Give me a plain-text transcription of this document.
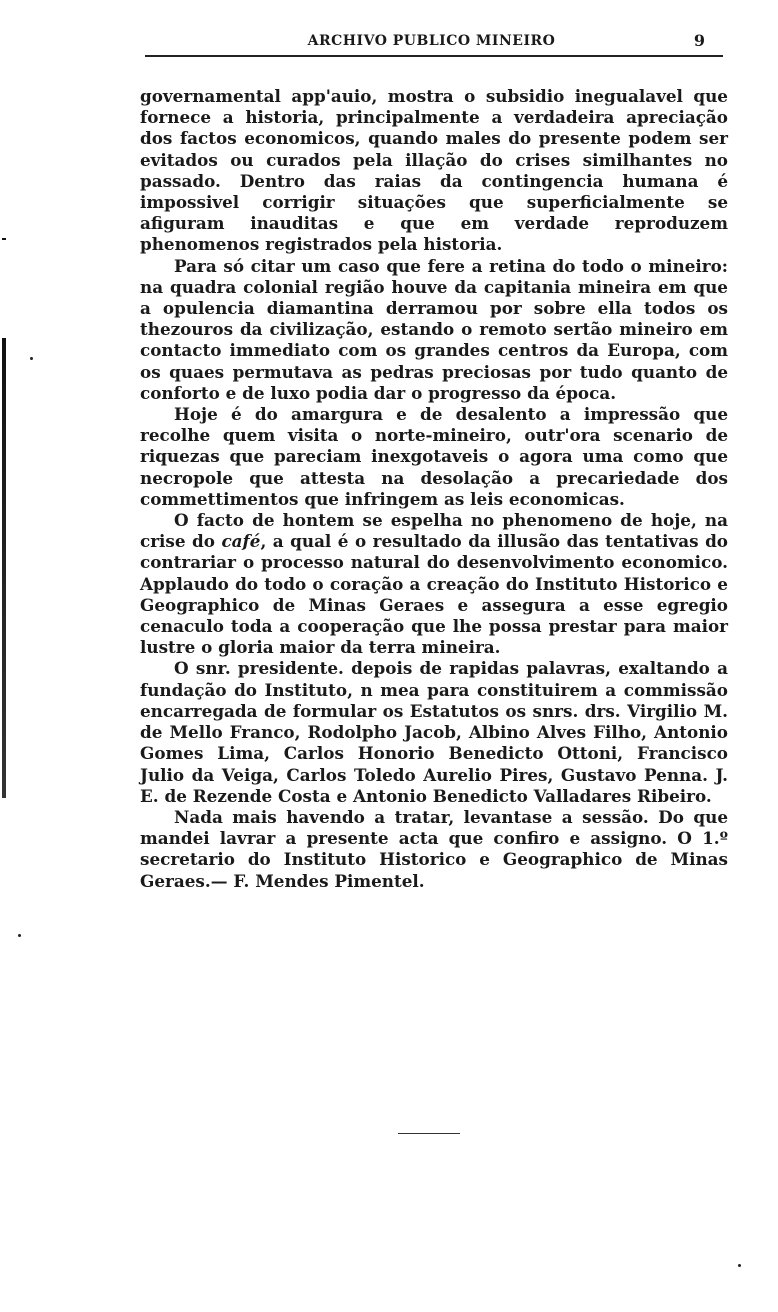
ARCHIVO PUBLICO MINEIRO	9

governamental app'auio, mostra o subsidio inegualavel que fornece a historia, principalmente a verdadeira apreciação dos factos economicos, quando males do presente podem ser evitados ou curados pela illação do crises similhantes no passado. Dentro das raias da contingencia humana é impossivel corrigir situações que superficialmente se afiguram inauditas e que em verdade reproduzem phenomenos registrados pela historia.

Para só citar um caso que fere a retina do todo o mineiro: na quadra colonial região houve da capitania mineira em que a opulencia diamantina derramou por sobre ella todos os thezouros da civilização, estando o remoto sertão mineiro em contacto immediato com os grandes centros da Europa, com os quaes permutava as pedras preciosas por tudo quanto de conforto e de luxo podia dar o progresso da época.

Hoje é do amargura e de desalento a impressão que recolhe quem visita o norte-mineiro, outr'ora scenario de riquezas que pareciam inexgotaveis o agora uma como que necropole que attesta na desolação a precariedade dos commettimentos que infringem as leis economicas.

O facto de hontem se espelha no phenomeno de hoje, na crise do café, a qual é o resultado da illusão das tentativas do contrariar o processo natural do desenvolvimento economico. Applaudo do todo o coração a creação do Instituto Historico e Geographico de Minas Geraes e assegura a esse egregio cenaculo toda a cooperação que lhe possa prestar para maior lustre o gloria maior da terra mineira.

O snr. presidente. depois de rapidas palavras, exaltando a fundação do Instituto, n mea para constituirem a commissão encarregada de formular os Estatutos os snrs. drs. Virgilio M. de Mello Franco, Rodolpho Jacob, Albino Alves Filho, Antonio Gomes Lima, Carlos Honorio Benedicto Ottoni, Francisco Julio da Veiga, Carlos Toledo Aurelio Pires, Gustavo Penna. J. E. de Rezende Costa e Antonio Benedicto Valladares Ribeiro.

Nada mais havendo a tratar, levantase a sessão. Do que mandei lavrar a presente acta que confiro e assigno. O 1.º secretario do Instituto Historico e Geographico de Minas Geraes.— F. Mendes Pimentel.
